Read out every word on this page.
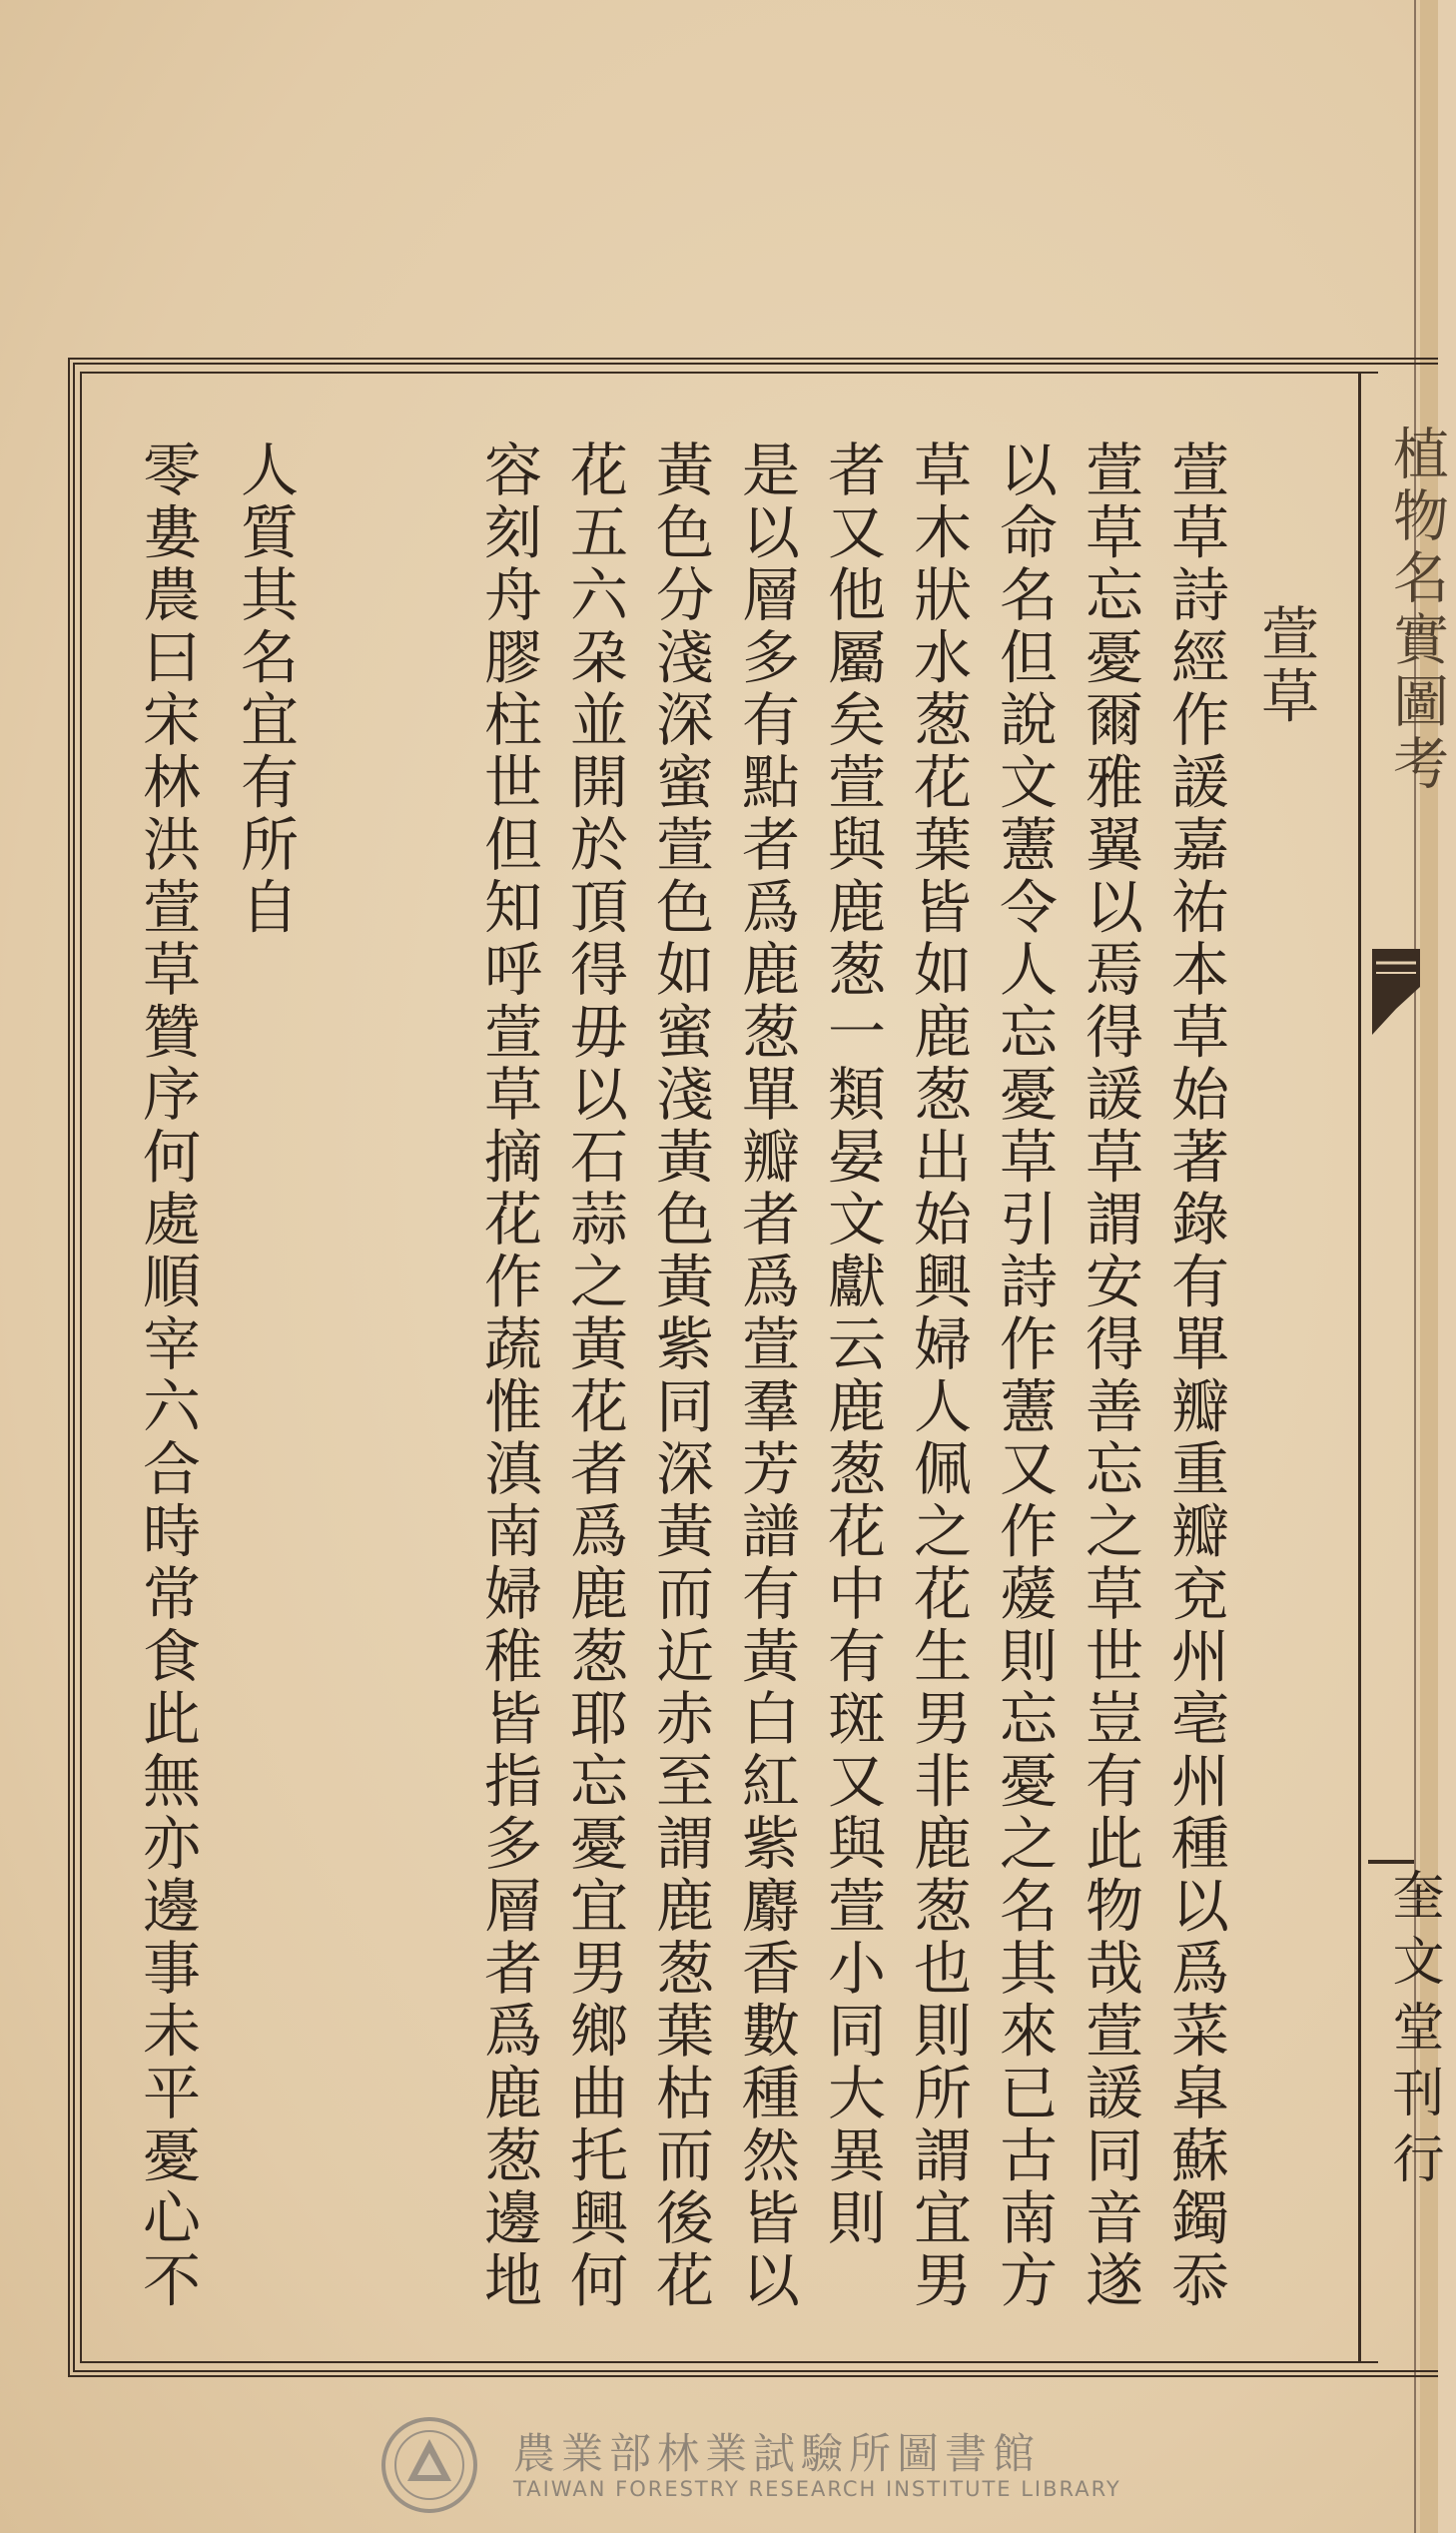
植物名實圖考
奎文堂刊行
萱草
萱草詩經作諼嘉祐本草始著錄有單瓣重瓣兗州亳州種以爲菜皐蘇鐲忝
萱草忘憂爾雅翼以焉得諼草謂安得善忘之草世豈有此物哉萱諼同音遂
以命名但說文藼令人忘憂草引詩作藼又作蕿則忘憂之名其來已古南方
草木狀水葱花葉皆如鹿葱出始興婦人佩之花生男非鹿葱也則所謂宜男
者又他屬矣萱與鹿葱一類晏文獻云鹿葱花中有斑又與萱小同大異則
是以層多有點者爲鹿葱單瓣者爲萱羣芳譜有黃白紅紫麝香數種然皆以
黃色分淺深蜜萱色如蜜淺黃色黃紫同深黃而近赤至謂鹿葱葉枯而後花
花五六朶並開於頂得毋以石蒜之黃花者爲鹿葱耶忘憂宜男鄉曲托興何
容刻舟膠柱世但知呼萱草摘花作蔬惟滇南婦稚皆指多層者爲鹿葱邊地
人質其名宜有所自
零婁農曰宋林洪萱草贊序何處順宰六合時常食此無亦邊事未平憂心不
農業部林業試驗所圖書館
TAIWAN FORESTRY RESEARCH INSTITUTE LIBRARY
